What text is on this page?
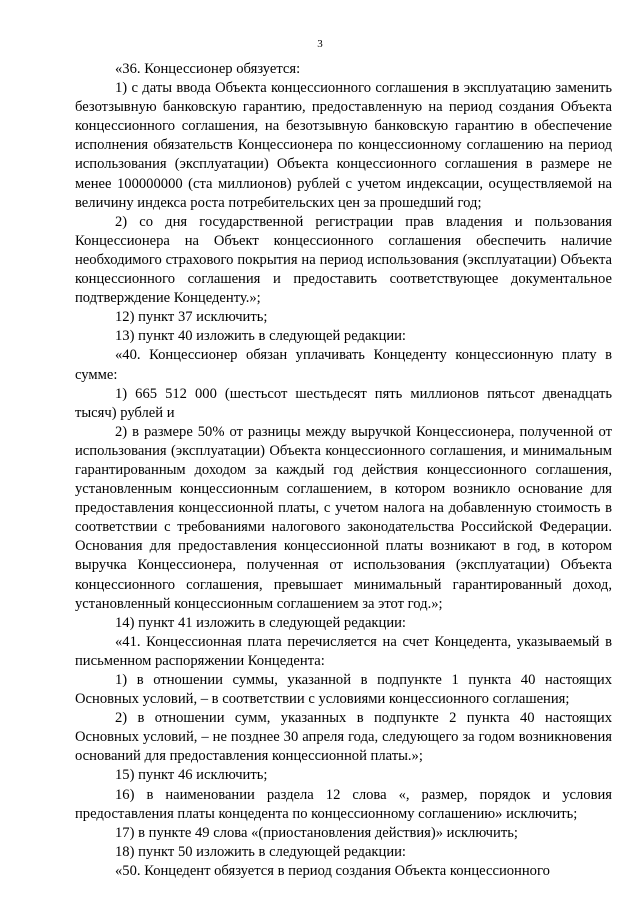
3

«36. Концессионер обязуется:

1) с даты ввода Объекта концессионного соглашения в эксплуатацию заменить безотзывную банковскую гарантию, предоставленную на период создания Объекта концессионного соглашения, на безотзывную банковскую гарантию в обеспечение исполнения обязательств Концессионера по концессионному соглашению на период использования (эксплуатации) Объекта концессионного соглашения в размере не менее 100000000 (ста миллионов) рублей с учетом индексации, осуществляемой на величину индекса роста потребительских цен за прошедший год;

2) со дня государственной регистрации прав владения и пользования Концессионера на Объект концессионного соглашения обеспечить наличие необходимого страхового покрытия на период использования (эксплуатации) Объекта концессионного соглашения и предоставить соответствующее документальное подтверждение Концеденту.»;

12) пункт 37 исключить;

13) пункт 40 изложить в следующей редакции:

«40. Концессионер обязан уплачивать Концеденту концессионную плату в сумме:

1) 665 512 000 (шестьсот шестьдесят пять миллионов пятьсот двенадцать тысяч) рублей и

2) в размере 50% от разницы между выручкой Концессионера, полученной от использования (эксплуатации) Объекта концессионного соглашения, и минимальным гарантированным доходом за каждый год действия концессионного соглашения, установленным концессионным соглашением, в котором возникло основание для предоставления концессионной платы, с учетом налога на добавленную стоимость в соответствии с требованиями налогового законодательства Российской Федерации. Основания для предоставления концессионной платы возникают в год, в котором выручка Концессионера, полученная от использования (эксплуатации) Объекта концессионного соглашения, превышает минимальный гарантированный доход, установленный концессионным соглашением за этот год.»;

14) пункт 41 изложить в следующей редакции:

«41. Концессионная плата перечисляется на счет Концедента, указываемый в письменном распоряжении Концедента:

1) в отношении суммы, указанной в подпункте 1 пункта 40 настоящих Основных условий, – в соответствии с условиями концессионного соглашения;

2) в отношении сумм, указанных в подпункте 2 пункта 40 настоящих Основных условий, – не позднее 30 апреля года, следующего за годом возникновения оснований для предоставления концессионной платы.»;

15) пункт 46 исключить;

16) в наименовании раздела 12 слова «, размер, порядок и условия предоставления платы концедента по концессионному соглашению» исключить;

17) в пункте 49 слова «(приостановления действия)» исключить;

18) пункт 50 изложить в следующей редакции:

«50. Концедент обязуется в период создания Объекта концессионного
